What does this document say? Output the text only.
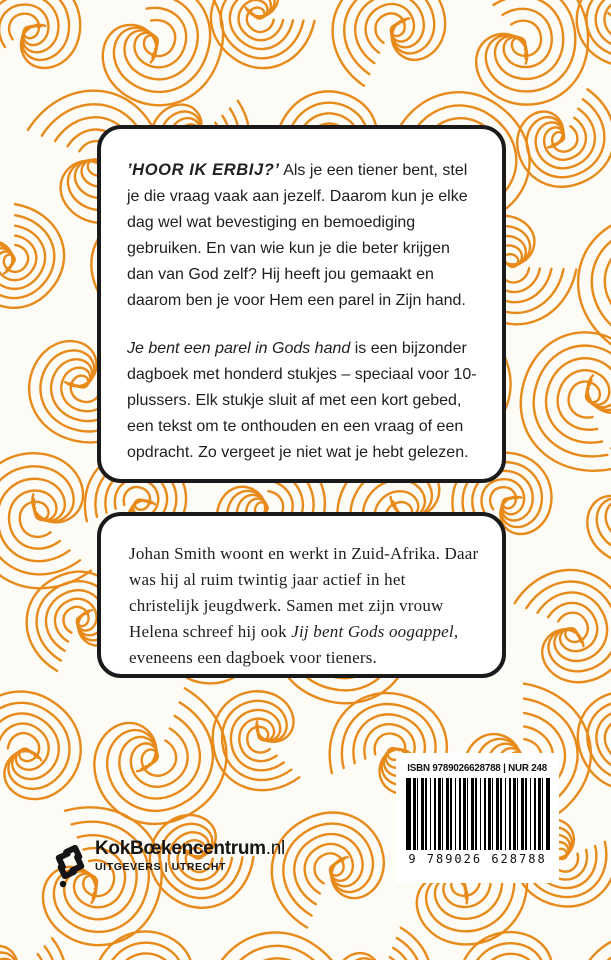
’HOOR IK ERBIJ?’ Als je een tiener bent, stel je die vraag vaak aan jezelf. Daarom kun je elke dag wel wat bevestiging en bemoediging gebruiken. En van wie kun je die beter krijgen dan van God zelf? Hij heeft jou gemaakt en daarom ben je voor Hem een parel in Zijn hand.

Je bent een parel in Gods hand is een bijzonder dagboek met honderd stukjes – speciaal voor 10-plussers. Elk stukje sluit af met een kort gebed, een tekst om te onthouden en een vraag of een opdracht. Zo vergeet je niet wat je hebt gelezen.

Johan Smith woont en werkt in Zuid-Afrika. Daar was hij al ruim twintig jaar actief in het christelijk jeugdwerk. Samen met zijn vrouw Helena schreef hij ook Jij bent Gods oogappel, eveneens een dagboek voor tieners.

ISBN 9789026628788 | NUR 248
9 789026 628788
KokBœkencentrum.nl
UITGEVERS | UTRECHT
